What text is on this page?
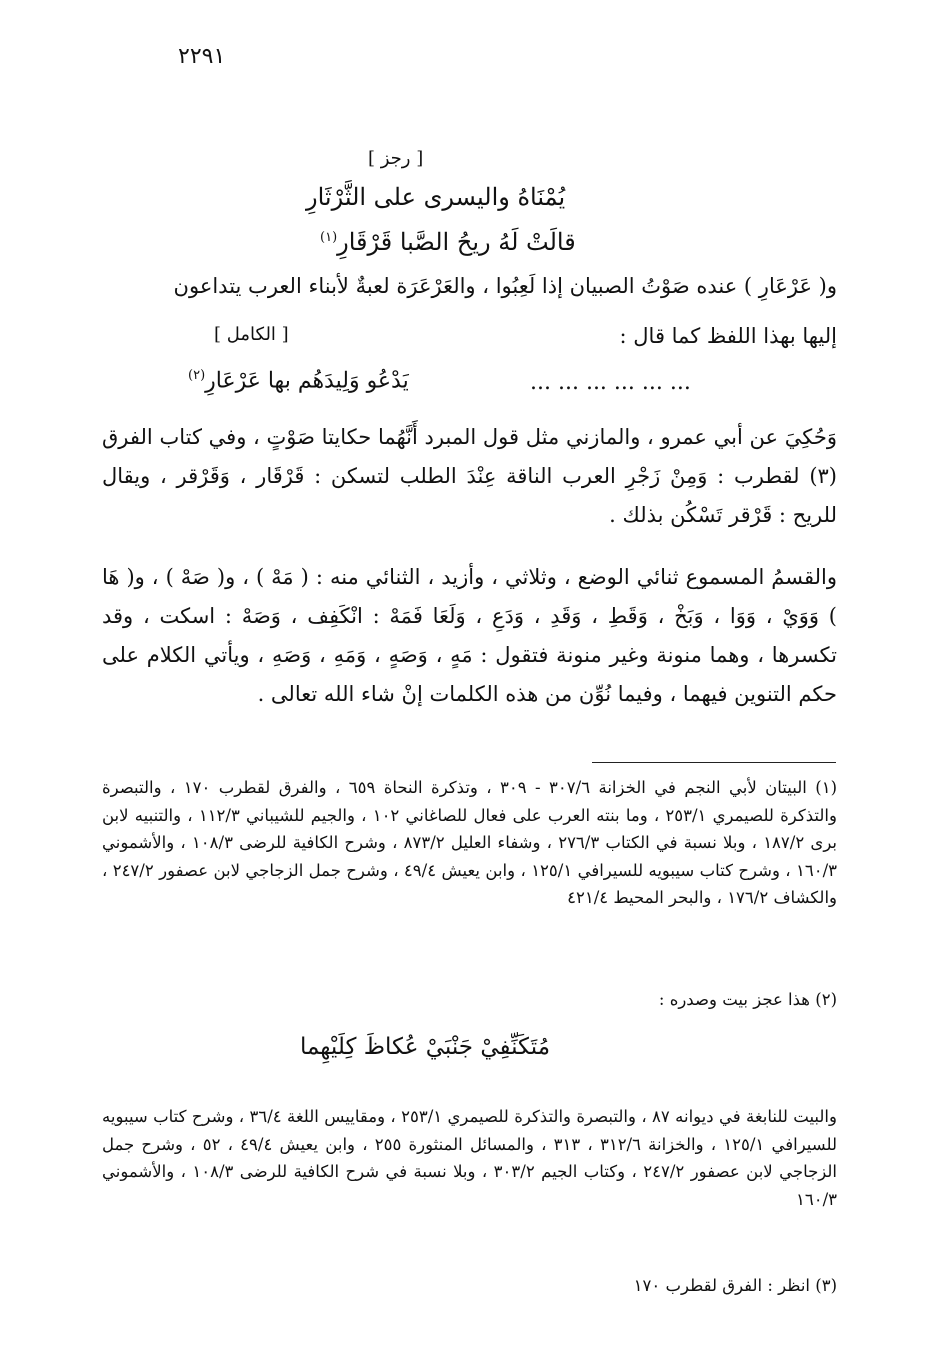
٢٢٩١
[ رجز ]
يُمْنَاهُ واليسرى على الثَّرْثَارِ
قالَتْ لَهُ ريحُ الصَّبا قَرْقَارِ$^{(١)}$
و( عَرْعَارِ ) عنده صَوْتُ الصبيان إذا لَعِبُوا ، والعَرْعَرَة لعبةٌ لأبناء العرب يتداعون
إليها بهذا اللفظ كما قال :
[ الكامل ]
يَدْعُو وَلِيدَهُم بها عَرْعَارِ$^{(٢)}$	... ... ... ... ... ...
وَحُكِيَ عن أبي عمرو ، والمازني مثل قول المبرد أَنَّهُما حكايتا صَوْتٍ ، وفي كتاب الفرق (٣) لقطرب : وَمِنْ زَجْرِ العرب الناقة عِنْدَ الطلب لتسكن : قَرْقَار ، وَقَرْقر ، ويقال للريح : قَرْقر تَسْكُن بذلك .
والقسمُ المسموع ثنائي الوضع ، وثلاثي ، وأزيد ، الثنائي منه : ( مَهْ ) ، و( صَهْ ) ، و( هَا ) وَوَيْ ، وَوَا ، وَبَخْ ، وَقَطِ ، وَقَدِ ، وَدَعِ ، وَلَعَا فَمَهْ : انْكَفِف ، وَصَهْ : اسكت ، وقد تكسرها ، وهما منونة وغير منونة فتقول : مَهٍ ، وَصَهٍ ، وَمَهِ ، وَصَهِ ، ويأتي الكلام على حكم التنوين فيهما ، وفيما نُوِّن من هذه الكلمات إنْ شاء الله تعالى .
(١) البيتان لأبي النجم في الخزانة ٣٠٧/٦ - ٣٠٩ ، وتذكرة النحاة ٦٥٩ ، والفرق لقطرب ١٧٠ ، والتبصرة والتذكرة للصيمري ٢٥٣/١ ، وما بنته العرب على فعال للصاغاني ١٠٢ ، والجيم للشيباني ١١٢/٣ ، والتنبيه لابن برى ١٨٧/٢ ، وبلا نسبة في الكتاب ٢٧٦/٣ ، وشفاء العليل ٨٧٣/٢ ، وشرح الكافية للرضى ١٠٨/٣ ، والأشموني ١٦٠/٣ ، وشرح كتاب سيبويه للسيرافي ١٢٥/١ ، وابن يعيش ٤٩/٤ ، وشرح جمل الزجاجي لابن عصفور ٢٤٧/٢ ، والكشاف ١٧٦/٢ ، والبحر المحيط ٤٢١/٤
(٢) هذا عجز بيت وصدره :
مُتَكَنِّفِيْ جَنْبَيْ عُكاظَ كِلَيْهِما
والبيت للنابغة في ديوانه ٨٧ ، والتبصرة والتذكرة للصيمري ٢٥٣/١ ، ومقاييس اللغة ٣٦/٤ ، وشرح كتاب سيبويه للسيرافي ١٢٥/١ ، والخزانة ٣١٢/٦ ، ٣١٣ ، والمسائل المنثورة ٢٥٥ ، وابن يعيش ٤٩/٤ ، ٥٢ ، وشرح جمل الزجاجي لابن عصفور ٢٤٧/٢ ، وكتاب الجيم ٣٠٣/٢ ، وبلا نسبة في شرح الكافية للرضى ١٠٨/٣ ، والأشموني ١٦٠/٣
(٣) انظر : الفرق لقطرب ١٧٠
